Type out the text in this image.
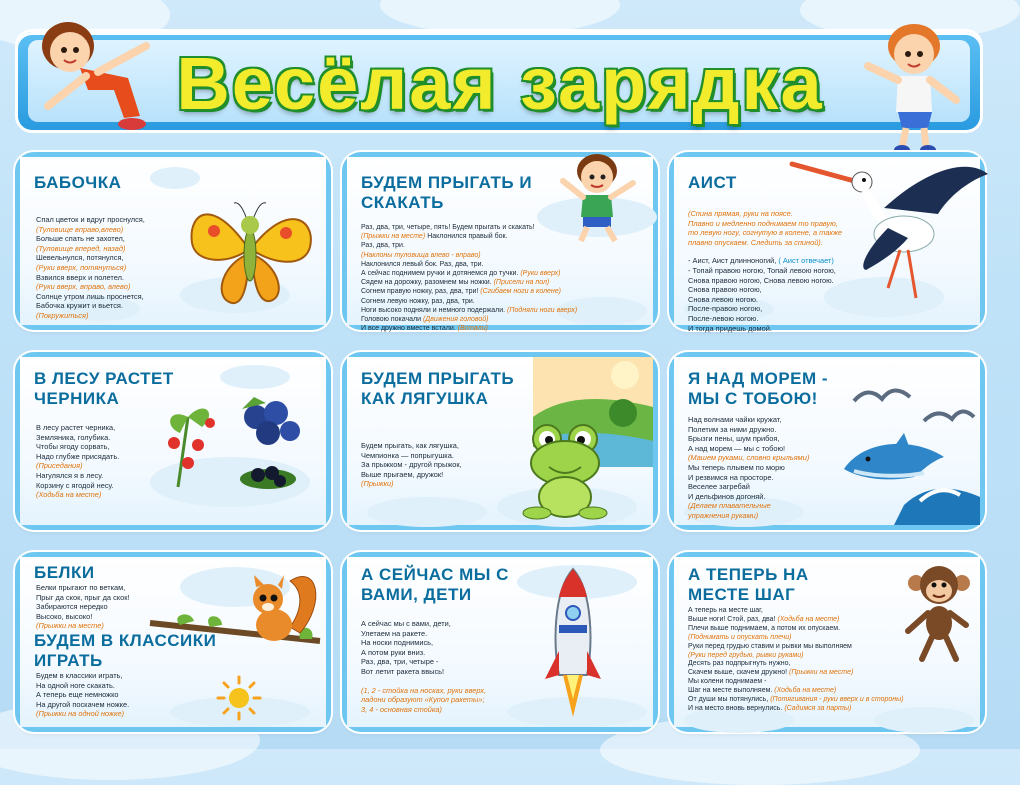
Весёлая зарядка
БАБОЧКА
Спал цветок и вдруг проснулся,
(Туловище вправо,влево)
Больше спать не захотел,
(Туловище вперед, назад)
Шевельнулся, потянулся,
(Руки вверх, потянуться)
Взвился вверх и полетел.
(Руки вверх, вправо, влево)
Солнце утром лишь проснется,
Бабочка кружит и вьется.
(Покружиться)
БУДЕМ ПРЫГАТЬ И СКАКАТЬ
Раз, два, три, четыре, пять! Будем прыгать и скакать!
(Прыжки на месте) Наклонился правый бок.
Раз, два, три.
(Наклоны туловища влево - вправо)
Наклонился левый бок. Раз, два, три.
А сейчас поднимем ручки и дотянемся до тучки. (Руки вверх)
Сядем на дорожку, разомнем мы ножки. (Присели на пол)
Согнем правую ножку, раз, два, три! (Сгибаем ноги в колене)
Согнем левую ножку, раз, два, три.
Ноги высоко подняли и немного подержали. (Подняли ноги вверх)
Головою покачали (Движения головой)
И все дружно вместе встали. (Встали)
АИСТ
(Спина прямая, руки на поясе.
Плавно и медленно поднимаем то правую,
то левую ногу, согнутую в колене, а также
плавно опускаем. Следить за спиной).
- Аист, Аист длинноногий, ( Аист отвечает)
- Топай правою ногою, Топай левою ногою,
Снова правою ногою, Снова левою ногою.
Снова правою ногою,
Снова левою ногою.
После-правою ногою,
После-левою ногою.
И тогда придешь домой.
В ЛЕСУ РАСТЕТ ЧЕРНИКА
В лесу растет черника,
Земляника, голубика.
Чтобы ягоду сорвать,
Надо глубже присядать.
(Приседания)
Нагулялся я в лесу.
Корзину с ягодой несу.
(Ходьба на месте)
БУДЕМ ПРЫГАТЬ КАК ЛЯГУШКА
Будем прыгать, как лягушка,
Чемпионка — попрыгушка.
За прыжком - другой прыжок,
Выше прыгаем, дружок!
(Прыжки)
Я НАД МОРЕМ - МЫ С ТОБОЮ!
Над волнами чайки кружат,
Полетим за ними дружно.
Брызги пены, шум прибоя,
А над морем — мы с тобою!
(Машем руками, словно крыльями)
Мы теперь плывем по морю
И резвимся на просторе.
Веселее загребай
И дельфинов догоняй.
(Делаем плавательные
упражнения руками)
БЕЛКИ
Белки прыгают по веткам,
Прыг да скок, прыг да скок!
Забираются нередко
Высоко, высоко!
(Прыжки на месте)
БУДЕМ В КЛАССИКИ ИГРАТЬ
Будем в классики играть,
На одной ноге скакать.
А теперь еще немножко
На другой поскачем ножке.
(Прыжки на одной ножке)
А СЕЙЧАС МЫ С ВАМИ, ДЕТИ
А сейчас мы с вами, дети,
Улетаем на ракете.
На носки поднимись,
А потом руки вниз.
Раз, два, три, четыре -
Вот летит ракета ввысь!
(1, 2 - стойка на носках, руки вверх,
ладони образуют «Купол ракеты»;
3, 4 - основная стойка)
А ТЕПЕРЬ НА МЕСТЕ ШАГ
А теперь на месте шаг,
Выше ноги! Стой, раз, два! (Ходьба на месте)
Плечи выше поднимаем, а потом их опускаем.
(Поднимать и опускать плечи)
Руки перед грудью ставим и рывки мы выполняем
(Руки перед грудью, рывки руками)
Десять раз подпрыгнуть нужно,
Скачем выше, скачем дружно! (Прыжки на месте)
Мы колени поднимаем -
Шаг на месте выполняем. (Ходьба на месте)
От души мы потянулись, (Потягивания - руки вверх и в стороны)
И на место вновь вернулись. (Садимся за парты)
